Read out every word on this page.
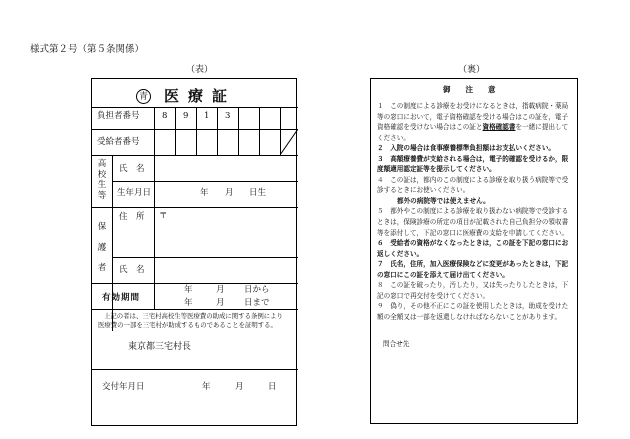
様式第２号（第５条関係）
（表）	（裏）
青 医療証
負担者番号	8 9 1 3
受給者番号
高
校
生
等
氏　名
生年月日	年 月 日生
保
護
者
住　所 〒
氏　名
有効期間
年	月 日から
年	月 日まで
上記の者は、三宅村高校生等医療費の助成に関する条例により
医療費の一部を三宅村が助成するものであることを証明する。
東京都三宅村長
交付年月日	年	月	日
御　　注　　意

１　 この制度による診療をお受けになるときは，指載病院・薬局等の窓口において，電子資格確認を受ける場合はこの証を，電子資格確認を受けない場合はこの証と資格確認書を一緒に提出してください。

２　 入院の場合は食事療養標準負担額はお支払いください。

３　 高額療養費が支給される場合は，電子的確認を受けるか，限度額適用認定証等を提示してください。

４　 この証は，都内のこの制度による診療を取り扱う病院等で受診するときにお使いください。

都外の病院等では使えません。

５　 都外やこの制度による診療を取り扱わない病院等で受診するときは，保険診療の所定の項目が記載された自己負担分の領収書等を添付して，下記の窓口に医療費の支給を申請してください。

６　 受給者の資格がなくなったときは，この証を下記の窓口にお返しください。

７　 氏名，住所，加入医療保険などに変更があったときは，下記の窓口にこの証を添えて届け出てください。

８　 この証を破ったり，汚したり，又は失ったりしたときは，下記の窓口で再交付を受けてください。

９　 偽り，その他不正にこの証を使用したときは，助成を受けた額の全額又は一部を返還しなければならないことがあります。

問合せ先
